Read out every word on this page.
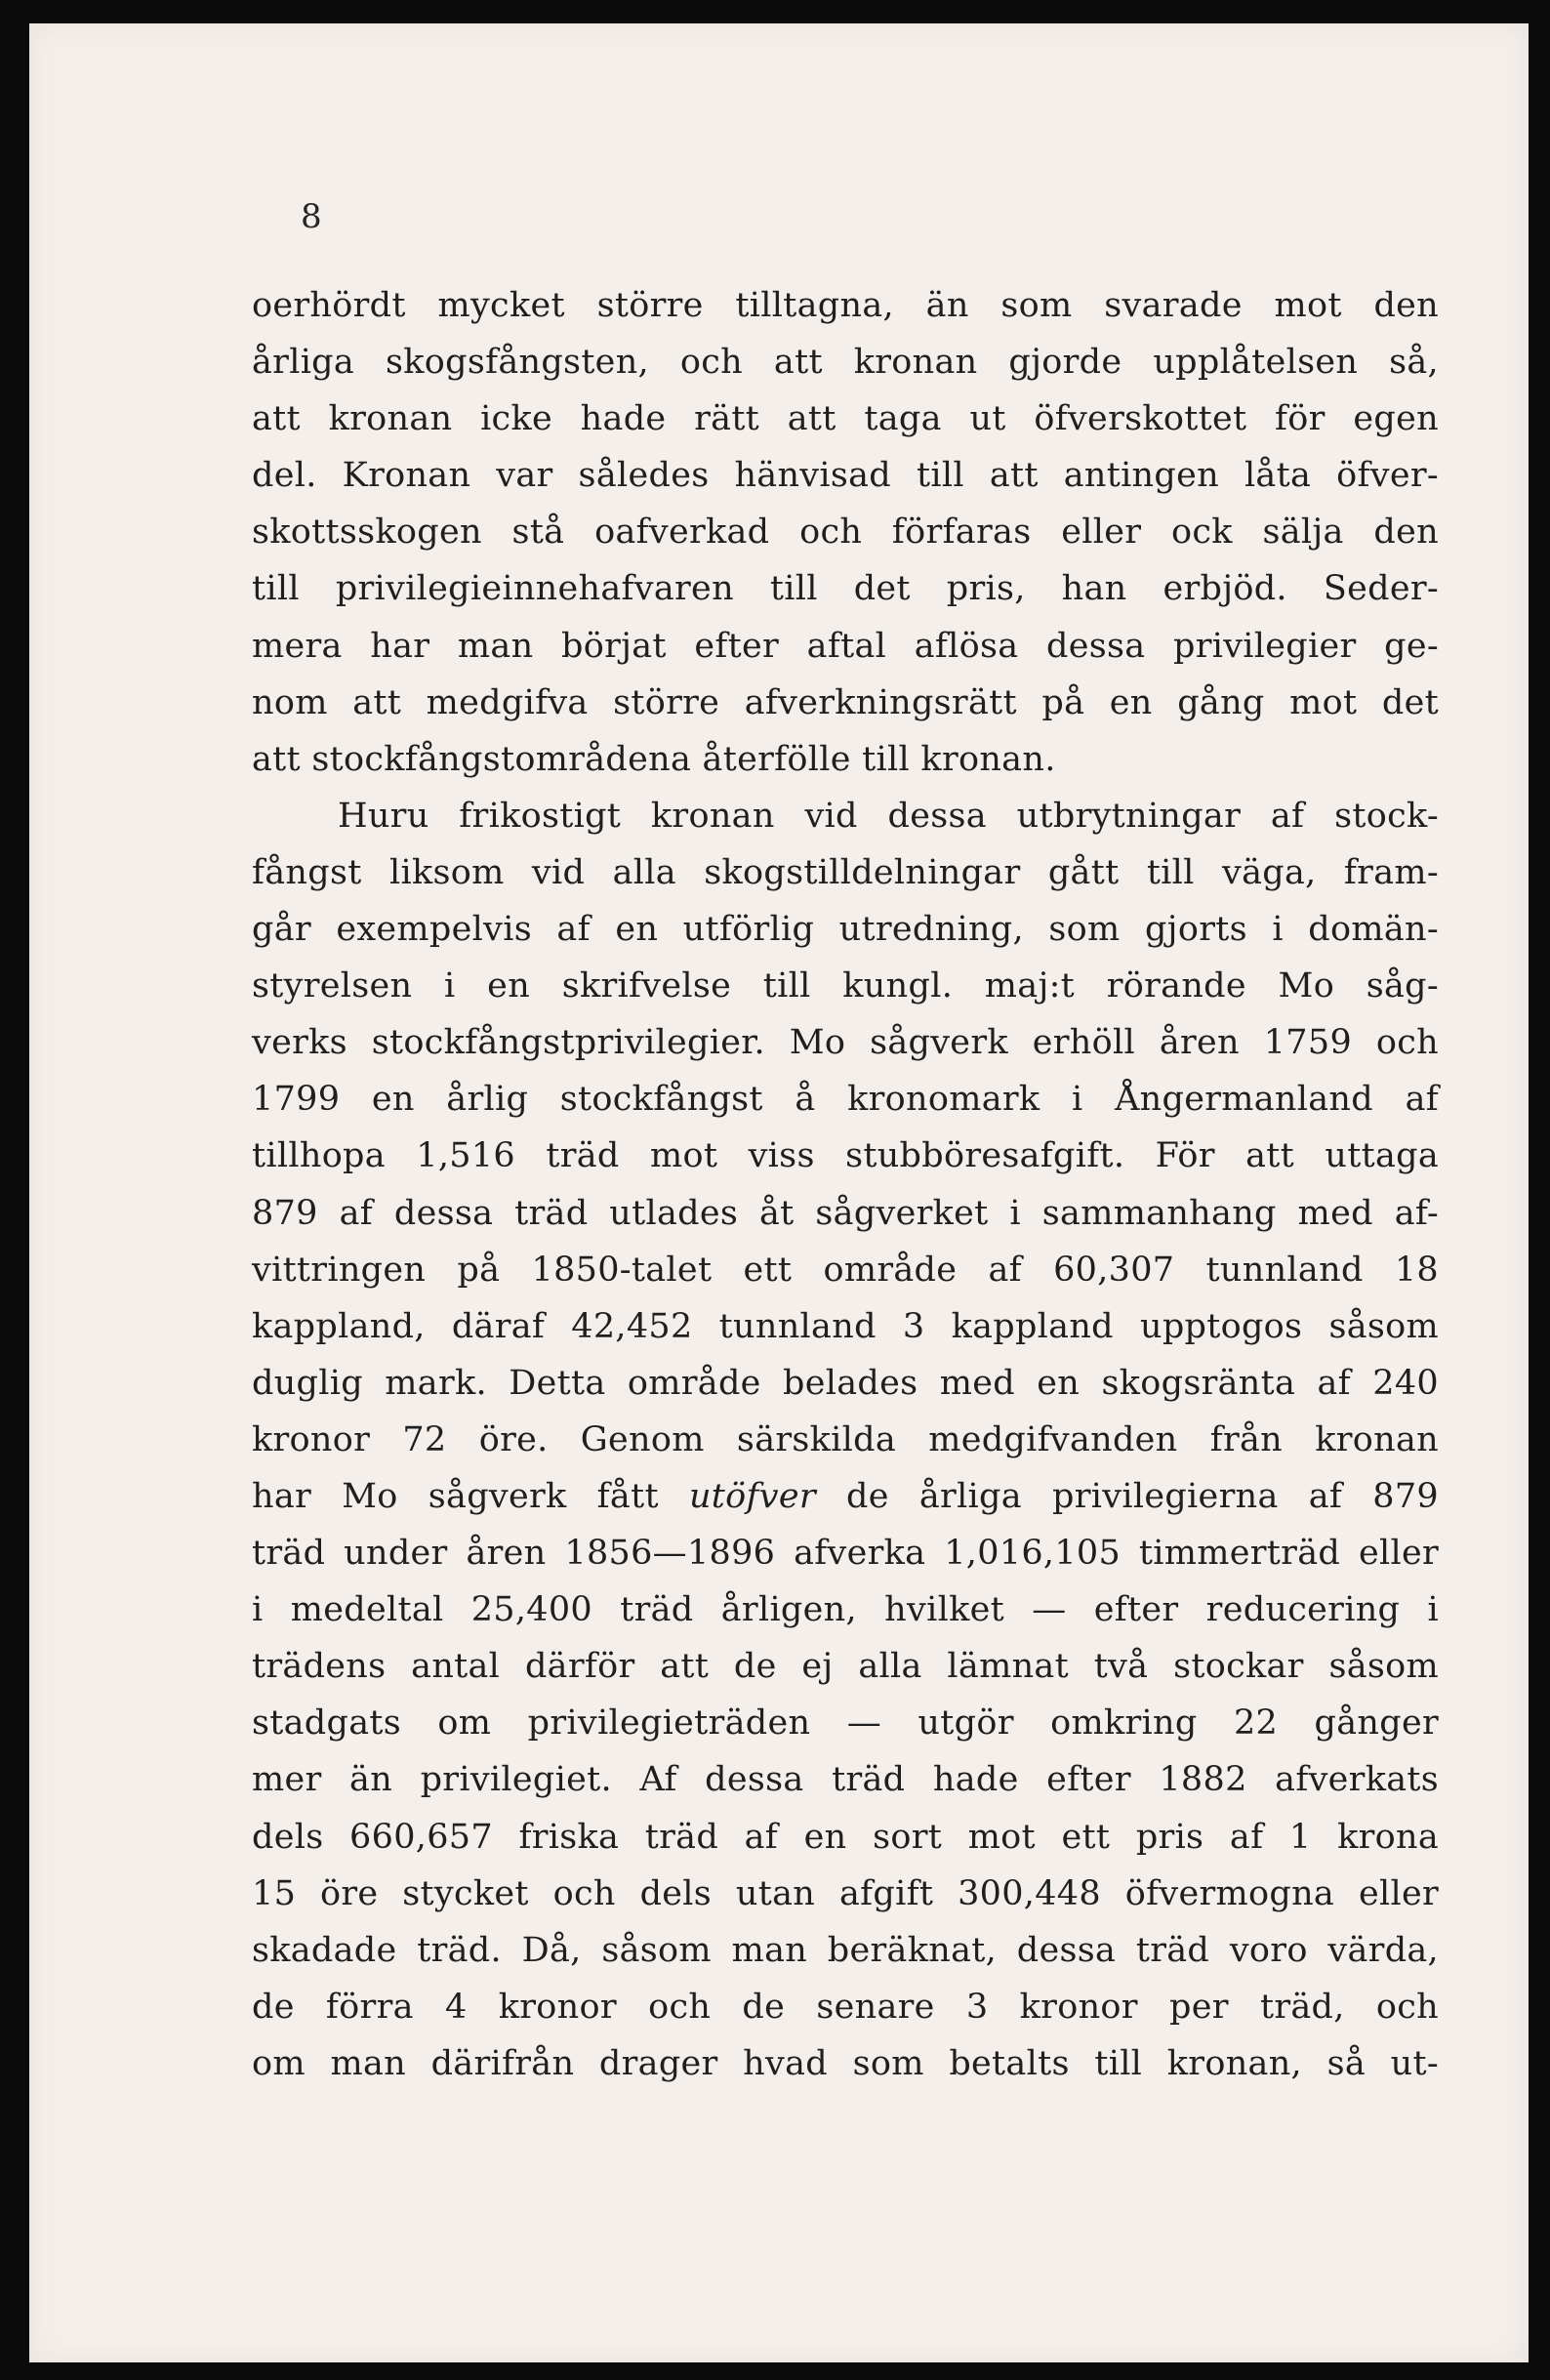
8
oerhördt mycket större tilltagna, än som svarade mot den
årliga skogsfångsten, och att kronan gjorde upplåtelsen så,
att kronan icke hade rätt att taga ut öfverskottet för egen
del. Kronan var således hänvisad till att antingen låta öfver-
skottsskogen stå oafverkad och förfaras eller ock sälja den
till privilegieinnehafvaren till det pris, han erbjöd. Seder-
mera har man börjat efter aftal aflösa dessa privilegier ge-
nom att medgifva större afverkningsrätt på en gång mot det
att stockfångstområdena återfölle till kronan.
Huru frikostigt kronan vid dessa utbrytningar af stock-
fångst liksom vid alla skogstilldelningar gått till väga, fram-
går exempelvis af en utförlig utredning, som gjorts i domän-
styrelsen i en skrifvelse till kungl. maj:t rörande Mo såg-
verks stockfångstprivilegier. Mo sågverk erhöll åren 1759 och
1799 en årlig stockfångst å kronomark i Ångermanland af
tillhopa 1,516 träd mot viss stubböresafgift. För att uttaga
879 af dessa träd utlades åt sågverket i sammanhang med af-
vittringen på 1850-talet ett område af 60,307 tunnland 18
kappland, däraf 42,452 tunnland 3 kappland upptogos såsom
duglig mark. Detta område belades med en skogsränta af 240
kronor 72 öre. Genom särskilda medgifvanden från kronan
har Mo sågverk fått utöfver de årliga privilegierna af 879
träd under åren 1856—1896 afverka 1,016,105 timmerträd eller
i medeltal 25,400 träd årligen, hvilket — efter reducering i
trädens antal därför att de ej alla lämnat två stockar såsom
stadgats om privilegieträden — utgör omkring 22 gånger
mer än privilegiet. Af dessa träd hade efter 1882 afverkats
dels 660,657 friska träd af en sort mot ett pris af 1 krona
15 öre stycket och dels utan afgift 300,448 öfvermogna eller
skadade träd. Då, såsom man beräknat, dessa träd voro värda,
de förra 4 kronor och de senare 3 kronor per träd, och
om man därifrån drager hvad som betalts till kronan, så ut-
